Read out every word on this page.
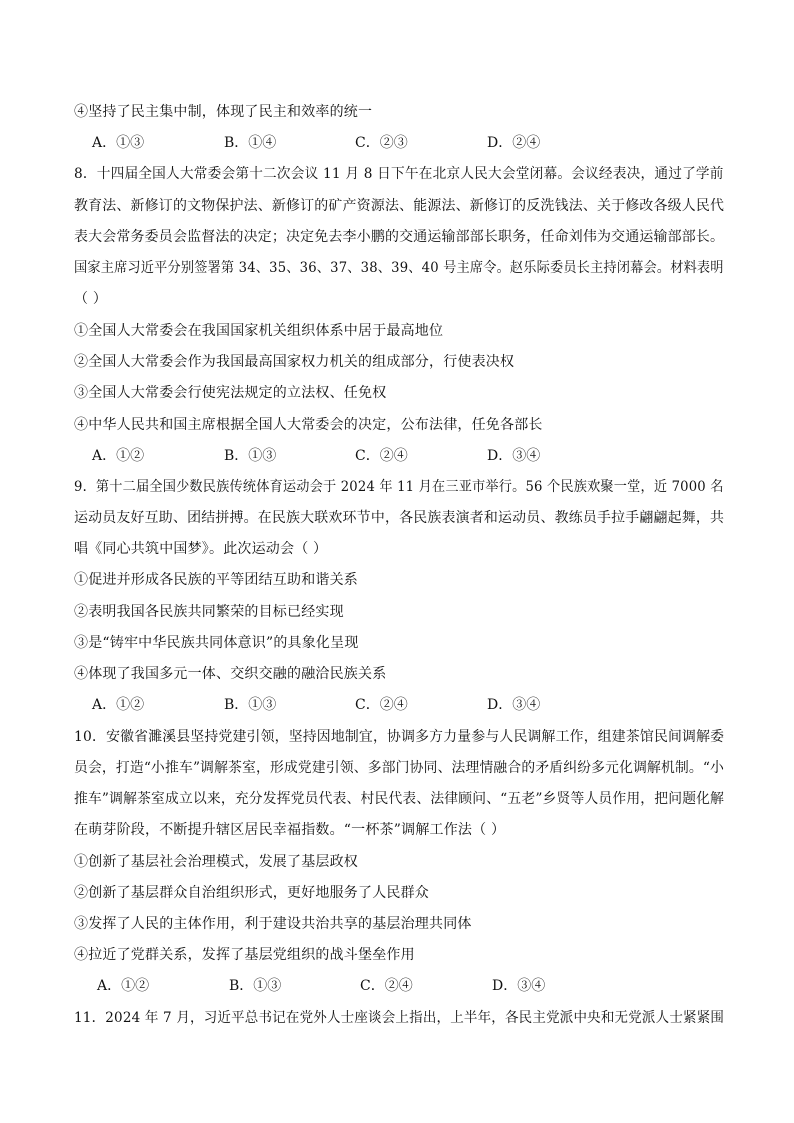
④坚持了民主集中制，体现了民主和效率的统一
A．①③	B．①④	C．②③	D．②④
8．十四届全国人大常委会第十二次会议 11 月 8 日下午在北京人民大会堂闭幕。会议经表决，通过了学前
教育法、新修订的文物保护法、新修订的矿产资源法、能源法、新修订的反洗钱法、关于修改各级人民代
表大会常务委员会监督法的决定；决定免去李小鹏的交通运输部部长职务，任命刘伟为交通运输部部长。
国家主席习近平分别签署第 34、35、36、37、38、39、40 号主席令。赵乐际委员长主持闭幕会。材料表明
（ ）
①全国人大常委会在我国国家机关组织体系中居于最高地位
②全国人大常委会作为我国最高国家权力机关的组成部分，行使表决权
③全国人大常委会行使宪法规定的立法权、任免权
④中华人民共和国主席根据全国人大常委会的决定，公布法律，任免各部长
A．①②	B．①③	C．②④	D．③④
9．第十二届全国少数民族传统体育运动会于 2024 年 11 月在三亚市举行。56 个民族欢聚一堂，近 7000 名
运动员友好互助、团结拼搏。在民族大联欢环节中，各民族表演者和运动员、教练员手拉手翩翩起舞，共
唱《同心共筑中国梦》。此次运动会（ ）
①促进并形成各民族的平等团结互助和谐关系
②表明我国各民族共同繁荣的目标已经实现
③是“铸牢中华民族共同体意识”的具象化呈现
④体现了我国多元一体、交织交融的融洽民族关系
A．①②	B．①③	C．②④	D．③④
10．安徽省濉溪县坚持党建引领，坚持因地制宜，协调多方力量参与人民调解工作，组建茶馆民间调解委
员会，打造“小推车”调解茶室，形成党建引领、多部门协同、法理情融合的矛盾纠纷多元化调解机制。“小
推车”调解茶室成立以来，充分发挥党员代表、村民代表、法律顾问、“五老”乡贤等人员作用，把问题化解
在萌芽阶段，不断提升辖区居民幸福指数。“一杯茶”调解工作法（ ）
①创新了基层社会治理模式，发展了基层政权
②创新了基层群众自治组织形式，更好地服务了人民群众
③发挥了人民的主体作用，利于建设共治共享的基层治理共同体
④拉近了党群关系，发挥了基层党组织的战斗堡垒作用
A．①②	B．①③	C．②④	D．③④
11．2024 年 7 月，习近平总书记在党外人士座谈会上指出，上半年，各民主党派中央和无党派人士紧紧围
